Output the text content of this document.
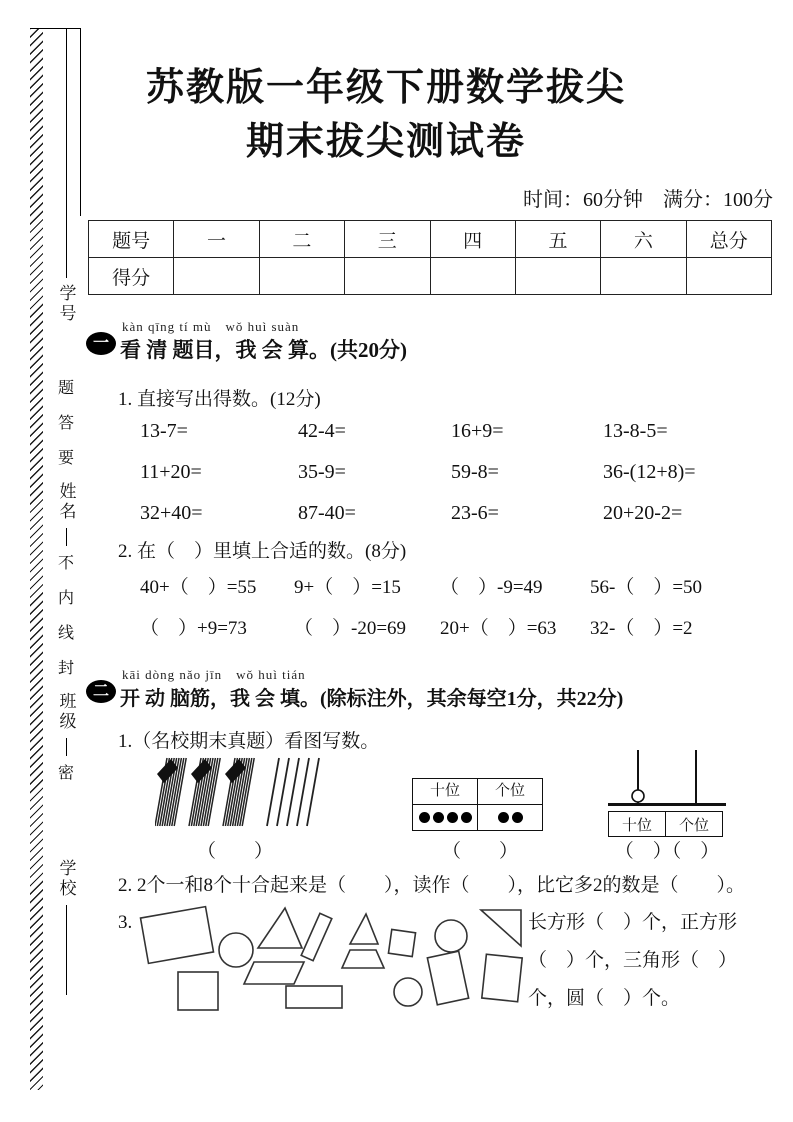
学号
题
答
要
姓名
不
内
线
封
班级
密
学校
苏教版一年级下册数学拔尖
期末拔尖测试卷
时间：60分钟　满分：100分
题号	一	二	三	四	五	六	总分
得分							
一
kàn qīng tí mù　wǒ huì suàn
看 清 题目，我 会 算。(共20分)
1. 直接写出得数。(12分)
13-7=	42-4=	16+9=	13-8-5=
11+20=	35-9=	59-8=	36-(12+8)=
32+40=	87-40=	23-6=	20+20-2=
2. 在（　）里填上合适的数。(8分)
40+（　）=55	9+（　）=15	（　）-9=49	56-（　）=50
（　）+9=73	（　）-20=69	20+（　）=63	32-（　）=2
二
kāi dòng nǎo jīn　wǒ huì tián
开 动 脑筋，我 会 填。(除标注外，其余每空1分，共22分)
1.（名校期末真题）看图写数。
（　　）
十位	个位

（　　）
十位	个位
（　）（　）
2. 2个一和8个十合起来是（　　），读作（　　），比它多2的数是（　　）。
3.	长方形（　）个，正方形
（　）个，三角形（　）
个，圆（　）个。
